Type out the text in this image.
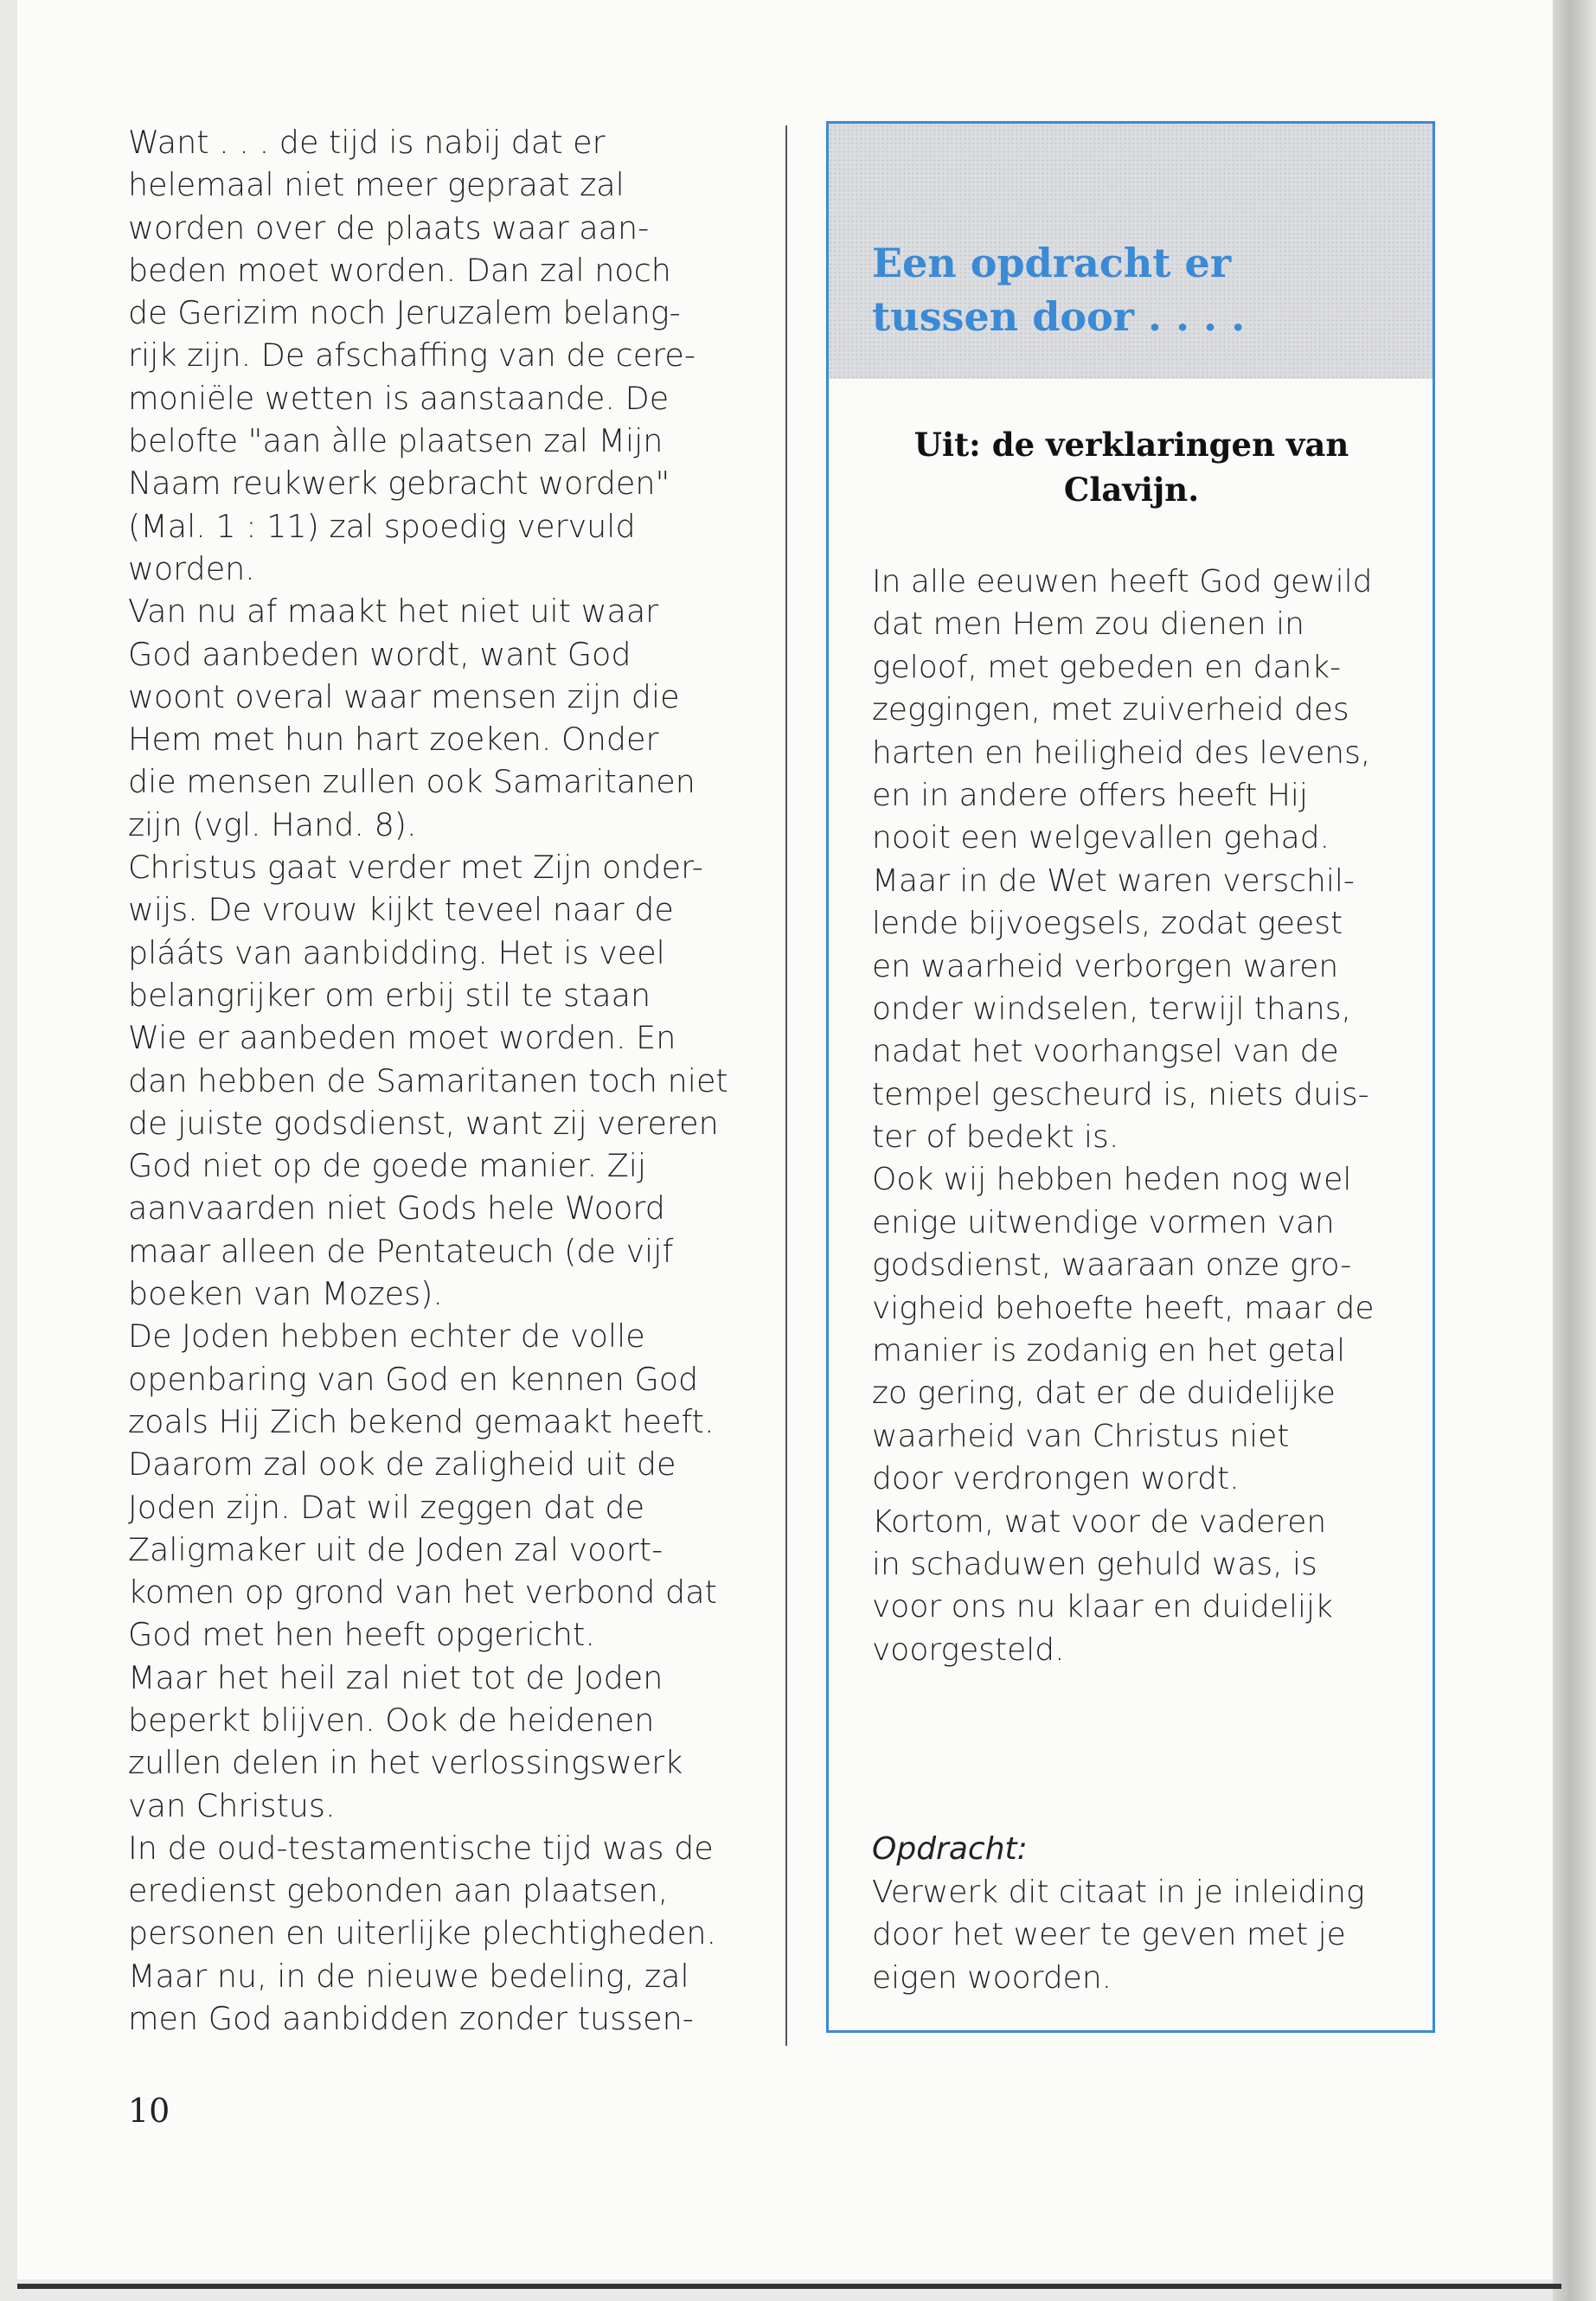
Want . . . de tijd is nabij dat er
helemaal niet meer gepraat zal
worden over de plaats waar aan-
beden moet worden. Dan zal noch
de Gerizim noch Jeruzalem belang-
rijk zijn. De afschaffing van de cere-
moniële wetten is aanstaande. De
belofte "aan àlle plaatsen zal Mijn
Naam reukwerk gebracht worden"
(Mal. 1 : 11) zal spoedig vervuld
worden.
Van nu af maakt het niet uit waar
God aanbeden wordt, want God
woont overal waar mensen zijn die
Hem met hun hart zoeken. Onder
die mensen zullen ook Samaritanen
zijn (vgl. Hand. 8).
Christus gaat verder met Zijn onder-
wijs. De vrouw kijkt teveel naar de
plááts van aanbidding. Het is veel
belangrijker om erbij stil te staan
Wie er aanbeden moet worden. En
dan hebben de Samaritanen toch niet
de juiste godsdienst, want zij vereren
God niet op de goede manier. Zij
aanvaarden niet Gods hele Woord
maar alleen de Pentateuch (de vijf
boeken van Mozes).
De Joden hebben echter de volle
openbaring van God en kennen God
zoals Hij Zich bekend gemaakt heeft.
Daarom zal ook de zaligheid uit de
Joden zijn. Dat wil zeggen dat de
Zaligmaker uit de Joden zal voort-
komen op grond van het verbond dat
God met hen heeft opgericht.
Maar het heil zal niet tot de Joden
beperkt blijven. Ook de heidenen
zullen delen in het verlossingswerk
van Christus.
In de oud-testamentische tijd was de
eredienst gebonden aan plaatsen,
personen en uiterlijke plechtigheden.
Maar nu, in de nieuwe bedeling, zal
men God aanbidden zonder tussen-
Een opdracht er
tussen door . . . .
Uit: de verklaringen van
Clavijn.
In alle eeuwen heeft God gewild
dat men Hem zou dienen in
geloof, met gebeden en dank-
zeggingen, met zuiverheid des
harten en heiligheid des levens,
en in andere offers heeft Hij
nooit een welgevallen gehad.
Maar in de Wet waren verschil-
lende bijvoegsels, zodat geest
en waarheid verborgen waren
onder windselen, terwijl thans,
nadat het voorhangsel van de
tempel gescheurd is, niets duis-
ter of bedekt is.
Ook wij hebben heden nog wel
enige uitwendige vormen van
godsdienst, waaraan onze gro-
vigheid behoefte heeft, maar de
manier is zodanig en het getal
zo gering, dat er de duidelijke
waarheid van Christus niet
door verdrongen wordt.
Kortom, wat voor de vaderen
in schaduwen gehuld was, is
voor ons nu klaar en duidelijk
voorgesteld.
Opdracht:
Verwerk dit citaat in je inleiding
door het weer te geven met je
eigen woorden.
10
